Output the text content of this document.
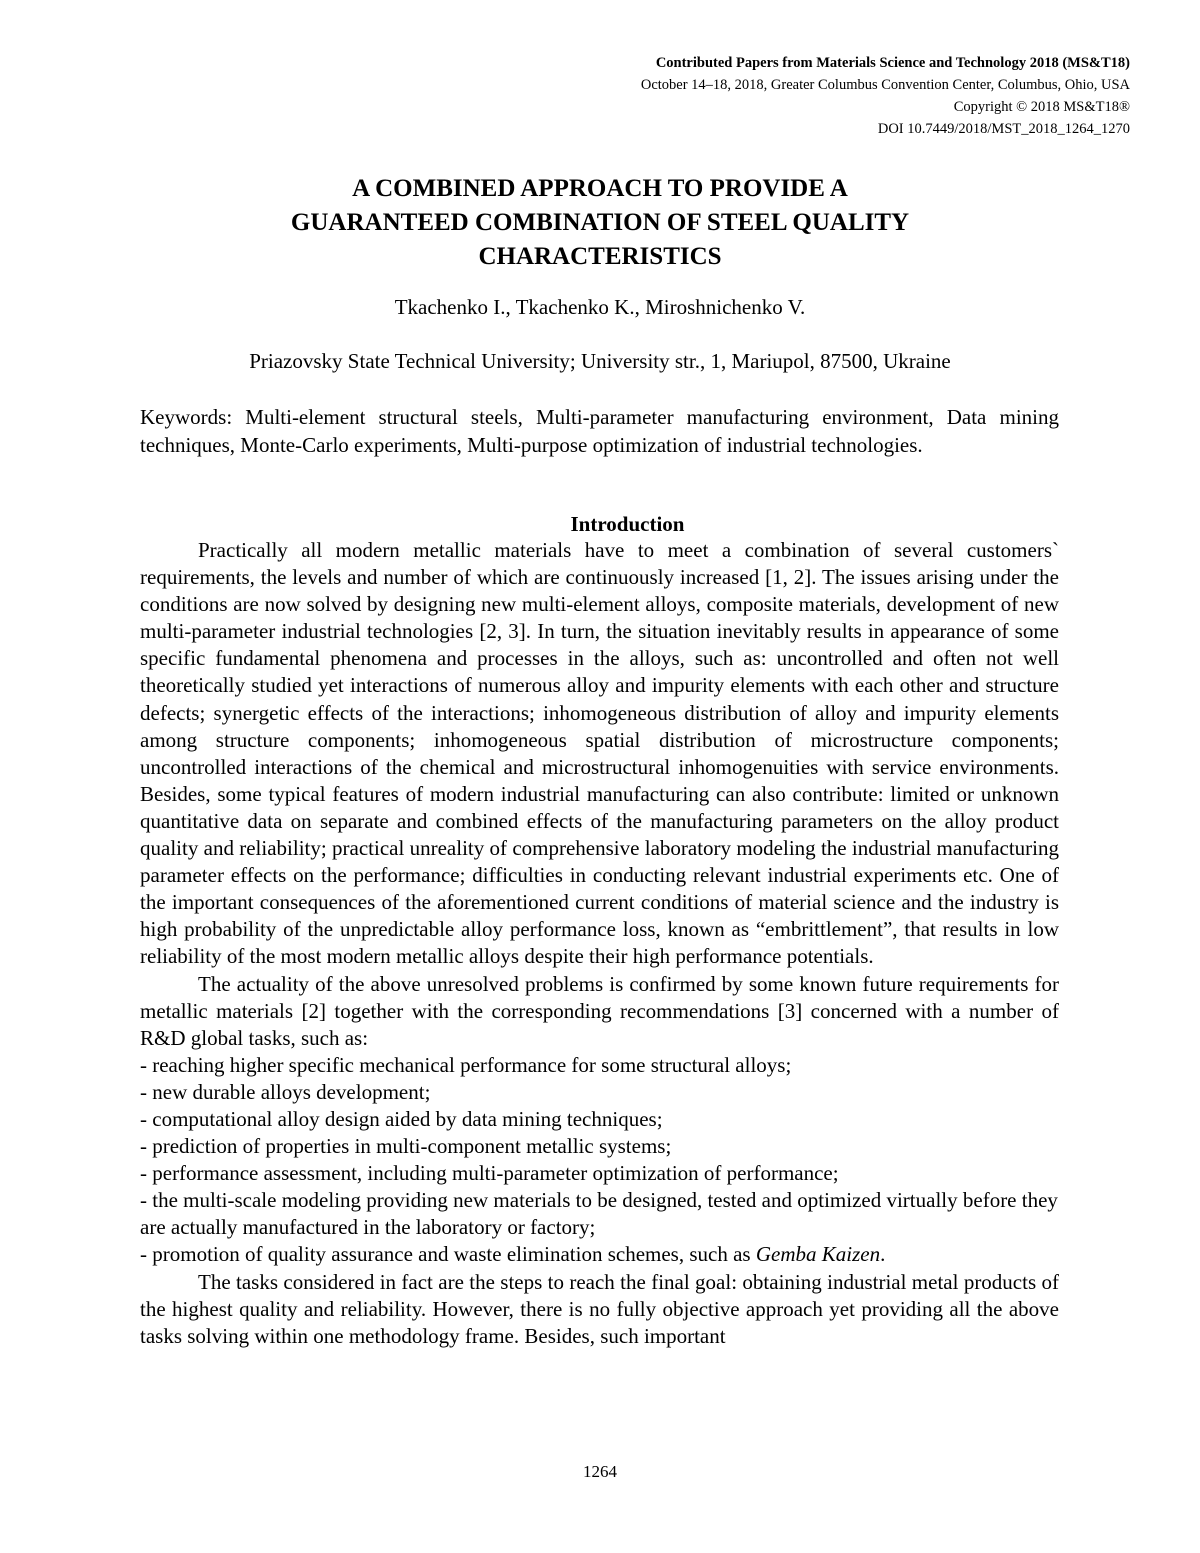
Contributed Papers from Materials Science and Technology 2018 (MS&T18)
October 14–18, 2018, Greater Columbus Convention Center, Columbus, Ohio, USA
Copyright © 2018 MS&T18®
DOI 10.7449/2018/MST_2018_1264_1270
A COMBINED APPROACH TO PROVIDE A
GUARANTEED COMBINATION OF STEEL QUALITY
CHARACTERISTICS
Tkachenko I., Tkachenko K., Miroshnichenko V.
Priazovsky State Technical University; University str., 1, Mariupol, 87500, Ukraine
Keywords: Multi-element structural steels, Multi-parameter manufacturing environment, Data mining techniques, Monte-Carlo experiments, Multi-purpose optimization of industrial technologies.
Introduction

Practically all modern metallic materials have to meet a combination of several customers` requirements, the levels and number of which are continuously increased [1, 2]. The issues arising under the conditions are now solved by designing new multi-element alloys, composite materials, development of new multi-parameter industrial technologies [2, 3]. In turn, the situation inevitably results in appearance of some specific fundamental phenomena and processes in the alloys, such as: uncontrolled and often not well theoretically studied yet interactions of numerous alloy and impurity elements with each other and structure defects; synergetic effects of the interactions; inhomogeneous distribution of alloy and impurity elements among structure components; inhomogeneous spatial distribution of microstructure components; uncontrolled interactions of the chemical and microstructural inhomogenuities with service environments. Besides, some typical features of modern industrial manufacturing can also contribute: limited or unknown quantitative data on separate and combined effects of the manufacturing parameters on the alloy product quality and reliability; practical unreality of comprehensive laboratory modeling the industrial manufacturing parameter effects on the performance; difficulties in conducting relevant industrial experiments etc. One of the important consequences of the aforementioned current conditions of material science and the industry is high probability of the unpredictable alloy performance loss, known as “embrittlement”, that results in low reliability of the most modern metallic alloys despite their high performance potentials.

The actuality of the above unresolved problems is confirmed by some known future requirements for metallic materials [2] together with the corresponding recommendations [3] concerned with a number of R&D global tasks, such as:

- reaching higher specific mechanical performance for some structural alloys;

- new durable alloys development;

- computational alloy design aided by data mining techniques;

- prediction of properties in multi-component metallic systems;

- performance assessment, including multi-parameter optimization of performance;

- the multi-scale modeling providing new materials to be designed, tested and optimized virtually before they are actually manufactured in the laboratory or factory;

- promotion of quality assurance and waste elimination schemes, such as Gemba Kaizen.

The tasks considered in fact are the steps to reach the final goal: obtaining industrial metal products of the highest quality and reliability. However, there is no fully objective approach yet providing all the above tasks solving within one methodology frame. Besides, such important

1264
